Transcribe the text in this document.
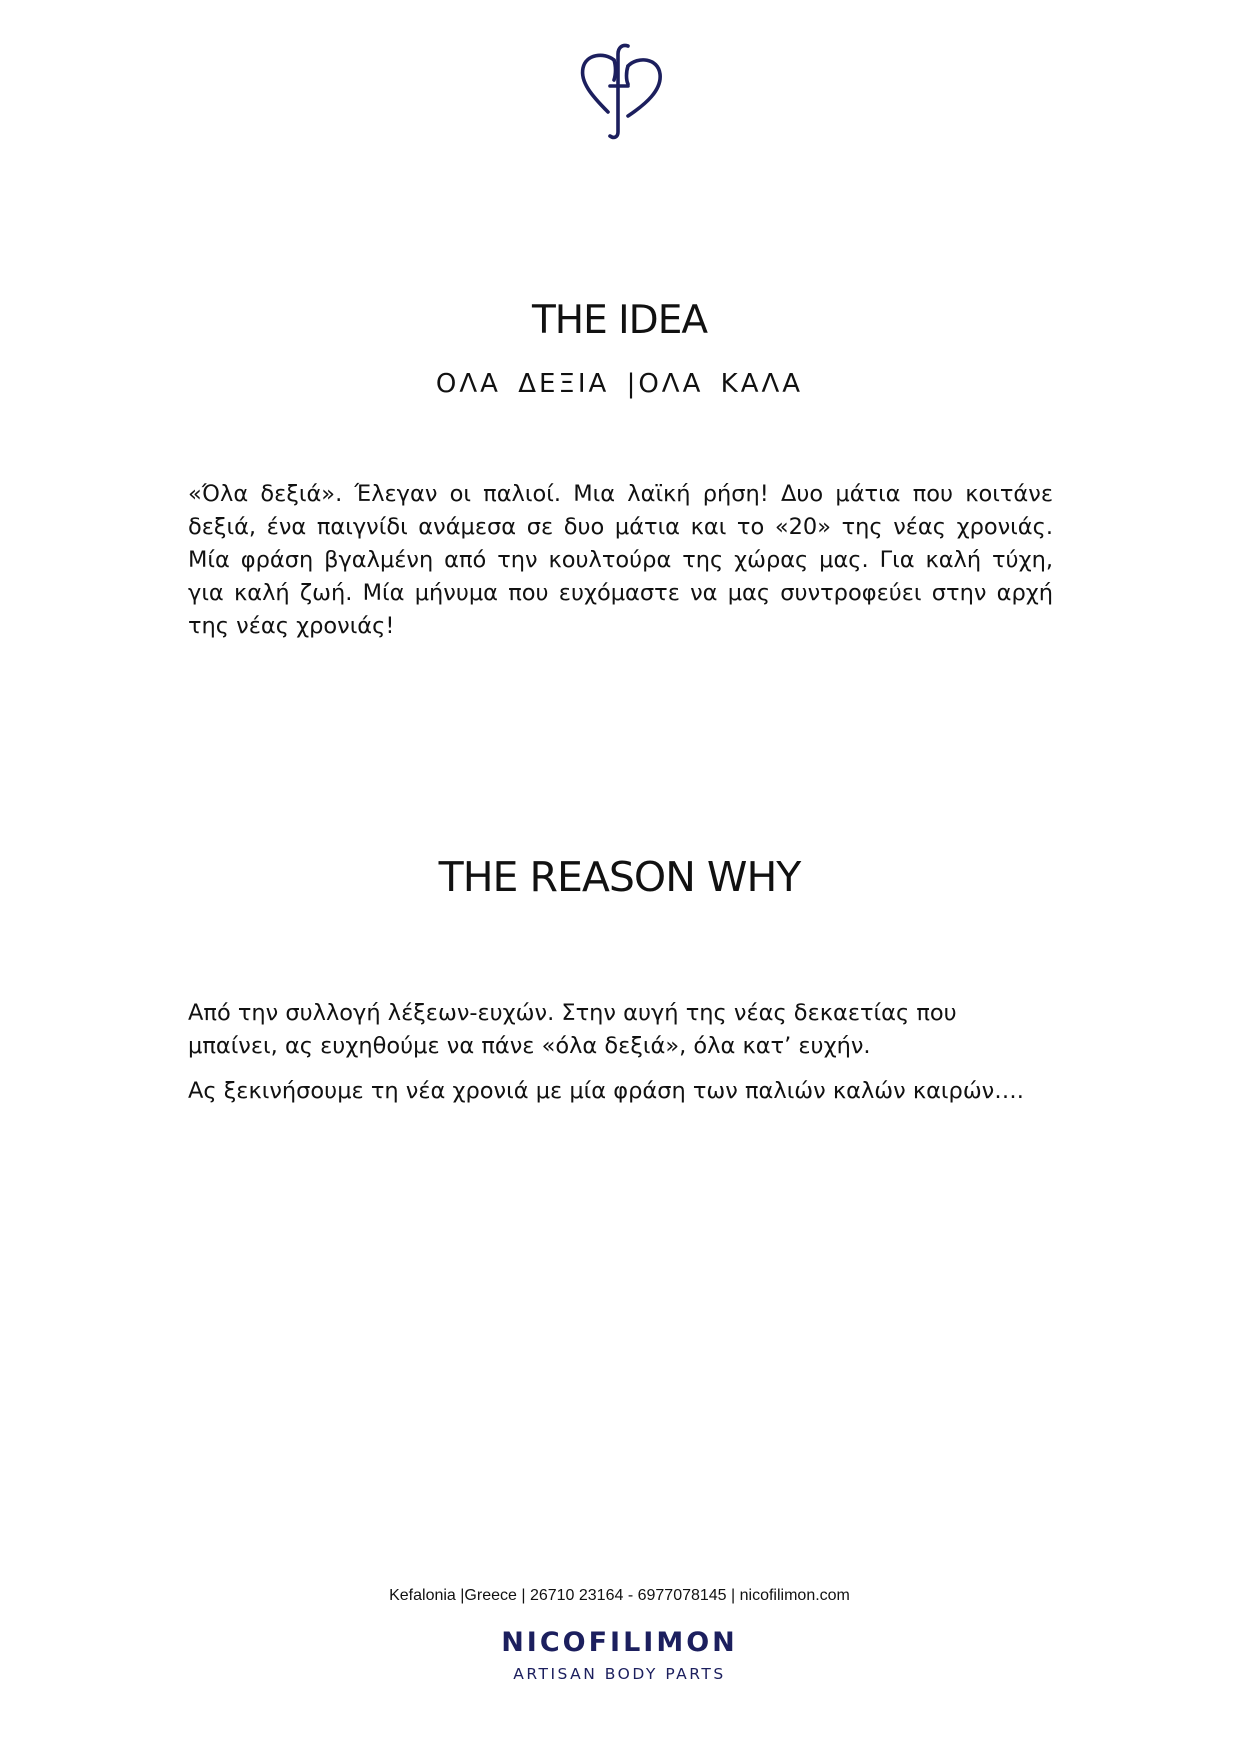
THE IDEA
ΟΛΑ ΔΕΞΙΑ |ΟΛΑ ΚΑΛΑ

«Όλα δεξιά». Έλεγαν οι παλιοί. Μια λαϊκή ρήση! Δυο μάτια που κοιτάνε δεξιά, ένα παιγνίδι ανάμεσα σε δυο μάτια και το «20» της νέας χρονιάς. Μία φράση βγαλμένη από την κουλτούρα της χώρας μας. Για καλή τύχη, για καλή ζωή. Μία μήνυμα που ευχόμαστε να μας συντροφεύει στην αρχή της νέας χρονιάς!

THE REASON WHY

Από την συλλογή λέξεων-ευχών. Στην αυγή της νέας δεκαετίας που μπαίνει, ας ευχηθούμε να πάνε «όλα δεξιά», όλα κατ’ ευχήν.

Ας ξεκινήσουμε τη νέα χρονιά με μία φράση των παλιών καλών καιρών….

Kefalonia |Greece | 26710 23164 - 6977078145 | nicofilimon.com
NICOFILIMON
ARTISAN BODY PARTS
